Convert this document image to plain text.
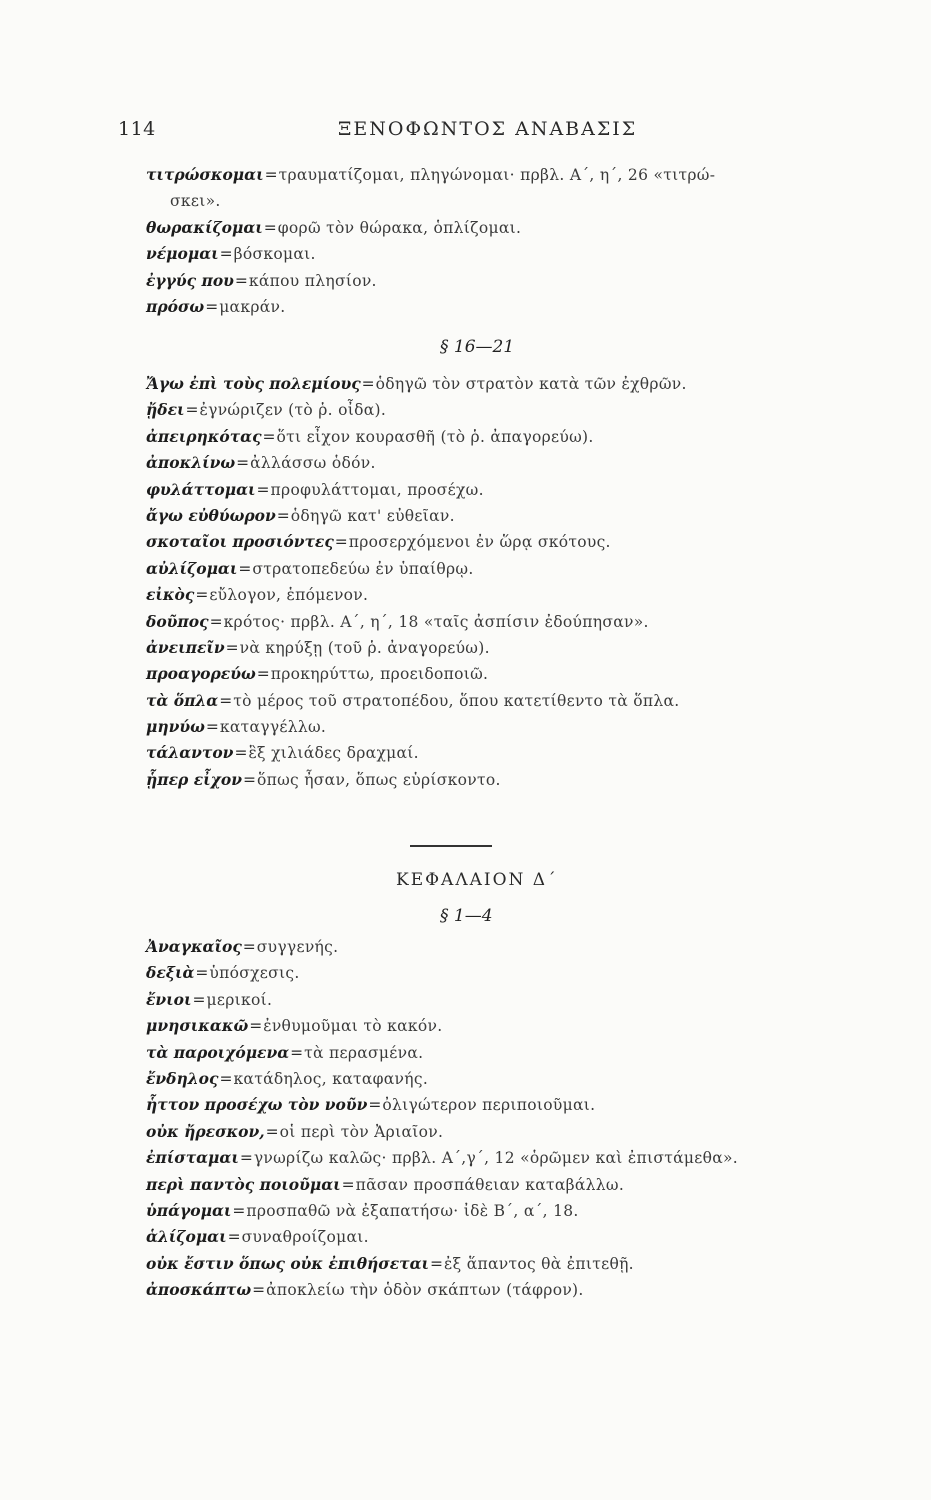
114	ΞΕΝΟΦΩΝΤΟΣ ΑΝΑΒΑΣΙΣ
τιτρώσκομαι=τραυματίζομαι, πληγώνομαι· πρβλ. Α΄, η΄, 26 «τιτρώ-
σκει».
θωρακίζομαι=φορῶ τὸν θώρακα, ὁπλίζομαι.
νέμομαι=βόσκομαι.
ἐγγύς που=κάπου πλησίον.
πρόσω=μακράν.
§ 16—21
Ἄγω ἐπὶ τοὺς πολεμίους=ὁδηγῶ τὸν στρατὸν κατὰ τῶν ἐχθρῶν.
ᾔδει=ἐγνώριζεν (τὸ ῥ. οἶδα).
ἀπειρηκότας=ὅτι εἶχον κουρασθῆ (τὸ ῥ. ἀπαγορεύω).
ἀποκλίνω=ἀλλάσσω ὁδόν.
φυλάττομαι=προφυλάττομαι, προσέχω.
ἄγω εὐθύωρον=ὁδηγῶ κατ' εὐθεῖαν.
σκοταῖοι προσιόντες=προσερχόμενοι ἐν ὥρᾳ σκότους.
αὐλίζομαι=στρατοπεδεύω ἐν ὑπαίθρῳ.
εἰκὸς=εὔλογον, ἑπόμενον.
δοῦπος=κρότος· πρβλ. Α΄, η΄, 18 «ταῖς ἀσπίσιν ἐδούπησαν».
ἀνειπεῖν=νὰ κηρύξῃ (τοῦ ῥ. ἀναγορεύω).
προαγορεύω=προκηρύττω, προειδοποιῶ.
τὰ ὅπλα=τὸ μέρος τοῦ στρατοπέδου, ὅπου κατετίθεντο τὰ ὅπλα.
μηνύω=καταγγέλλω.
τάλαντον=ἓξ χιλιάδες δραχμαί.
ᾗπερ εἶχον=ὅπως ἦσαν, ὅπως εὑρίσκοντο.
ΚΕΦΑΛΑΙΟΝ Δ΄
§ 1—4
Ἀναγκαῖος=συγγενής.
δεξιὰ=ὑπόσχεσις.
ἔνιοι=μερικοί.
μνησικακῶ=ἐνθυμοῦμαι τὸ κακόν.
τὰ παροιχόμενα=τὰ περασμένα.
ἔνδηλος=κατάδηλος, καταφανής.
ἧττον προσέχω τὸν νοῦν=ὀλιγώτερον περιποιοῦμαι.
οὐκ ἤρεσκον,=οἱ περὶ τὸν Ἀριαῖον.
ἐπίσταμαι=γνωρίζω καλῶς· πρβλ. Α΄,γ΄, 12 «ὁρῶμεν καὶ ἐπιστάμεθα».
περὶ παντὸς ποιοῦμαι=πᾶσαν προσπάθειαν καταβάλλω.
ὑπάγομαι=προσπαθῶ νὰ ἐξαπατήσω· ἰδὲ Β΄, α΄, 18.
ἁλίζομαι=συναθροίζομαι.
οὐκ ἔστιν ὅπως οὐκ ἐπιθήσεται=ἐξ ἅπαντος θὰ ἐπιτεθῇ.
ἀποσκάπτω=ἀποκλείω τὴν ὁδὸν σκάπτων (τάφρον).
